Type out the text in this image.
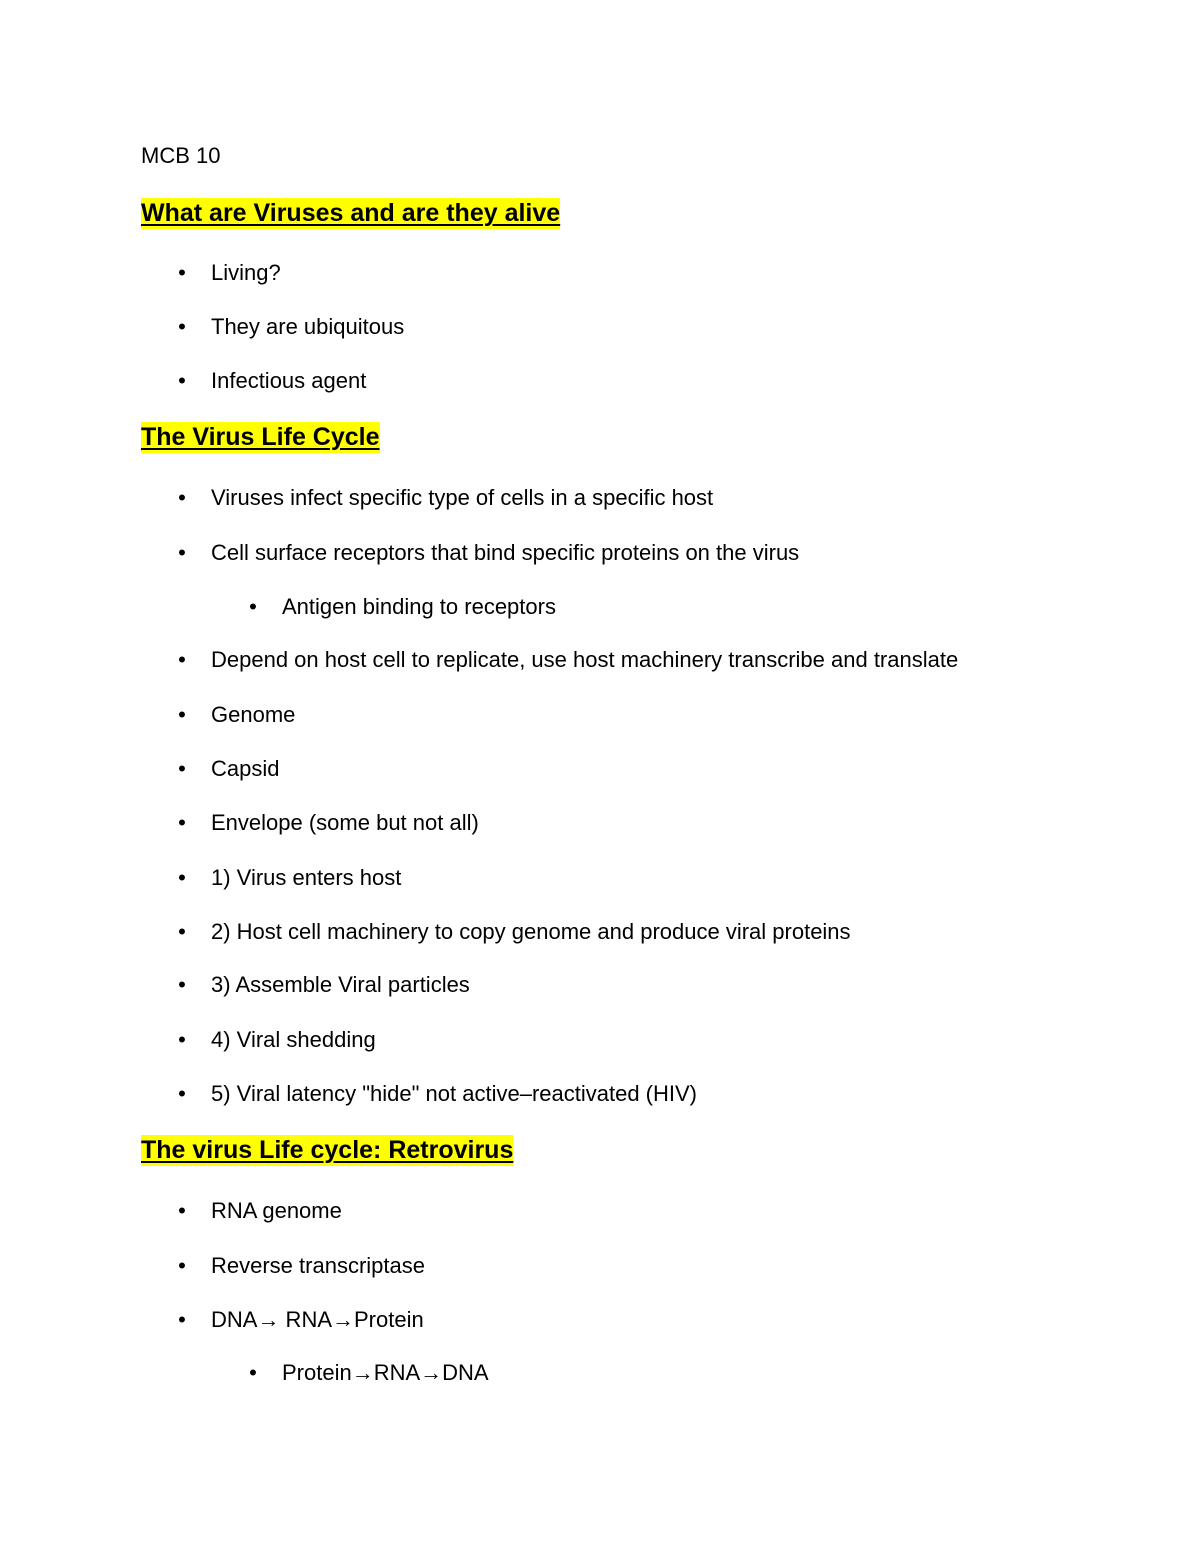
MCB 10
What are Viruses and are they alive
• Living?
• They are ubiquitous
• Infectious agent
The Virus Life Cycle
• Viruses infect specific type of cells in a specific host
• Cell surface receptors that bind specific proteins on the virus
• Antigen binding to receptors
• Depend on host cell to replicate, use host machinery transcribe and translate
• Genome
• Capsid
• Envelope (some but not all)
• 1) Virus enters host
• 2) Host cell machinery to copy genome and produce viral proteins
• 3) Assemble Viral particles
• 4) Viral shedding
• 5) Viral latency "hide" not active–reactivated (HIV)
The virus Life cycle: Retrovirus
• RNA genome
• Reverse transcriptase
• DNA→ RNA→Protein
• Protein→RNA→DNA
